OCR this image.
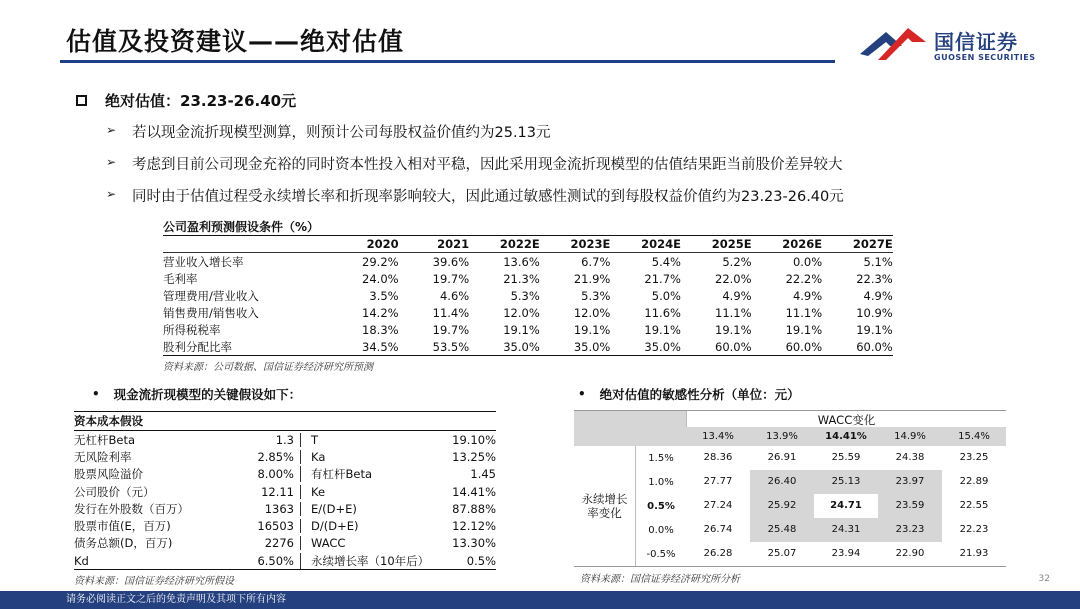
估值及投资建议——绝对估值	国信证券
GUOSEN SECURITIES
绝对估值：23.23-26.40元
➢	若以现金流折现模型测算，则预计公司每股权益价值约为25.13元
➢	考虑到目前公司现金充裕的同时资本性投入相对平稳，因此采用现金流折现模型的估值结果距当前股价差异较大
➢	同时由于估值过程受永续增长率和折现率影响较大，因此通过敏感性测试的到每股权益价值约为23.23-26.40元
公司盈利预测假设条件（%）
2020	2021	2022E	2023E	2024E	2025E	2026E	2027E
营业收入增长率	29.2%	39.6%	13.6%	6.7%	5.4%	5.2%	0.0%	5.1%
毛利率	24.0%	19.7%	21.3%	21.9%	21.7%	22.0%	22.2%	22.3%
管理费用/营业收入	3.5%	4.6%	5.3%	5.3%	5.0%	4.9%	4.9%	4.9%
销售费用/销售收入	14.2%	11.4%	12.0%	12.0%	11.6%	11.1%	11.1%	10.9%
所得税税率	18.3%	19.7%	19.1%	19.1%	19.1%	19.1%	19.1%	19.1%
股利分配比率	34.5%	53.5%	35.0%	35.0%	35.0%	60.0%	60.0%	60.0%
资料来源：公司数据、国信证券经济研究所预测
• 现金流折现模型的关键假设如下：
资本成本假设
无杠杆Beta	1.3	T	19.10%
无风险利率	2.85%	Ka	13.25%
股票风险溢价	8.00%	有杠杆Beta	1.45
公司股价（元）	12.11	Ke	14.41%
发行在外股数（百万）	1363	E/(D+E)	87.88%
股票市值(E，百万)	16503	D/(D+E)	12.12%
债务总额(D，百万)	2276	WACC	13.30%
Kd	6.50%	永续增长率（10年后）	0.5%
资料来源：国信证券经济研究所假设
• 绝对估值的敏感性分析（单位：元）
WACC变化
13.4%	13.9%	14.41%	14.9%	15.4%
永续增长
率变化
1.5%	28.36	26.91	25.59	24.38	23.25
1.0%	27.77	26.40	25.13	23.97	22.89
0.5%	27.24	25.92	24.71	23.59	22.55
0.0%	26.74	25.48	24.31	23.23	22.23
-0.5%	26.28	25.07	23.94	22.90	21.93
资料来源：国信证券经济研究所分析	32
请务必阅读正文之后的免责声明及其项下所有内容
